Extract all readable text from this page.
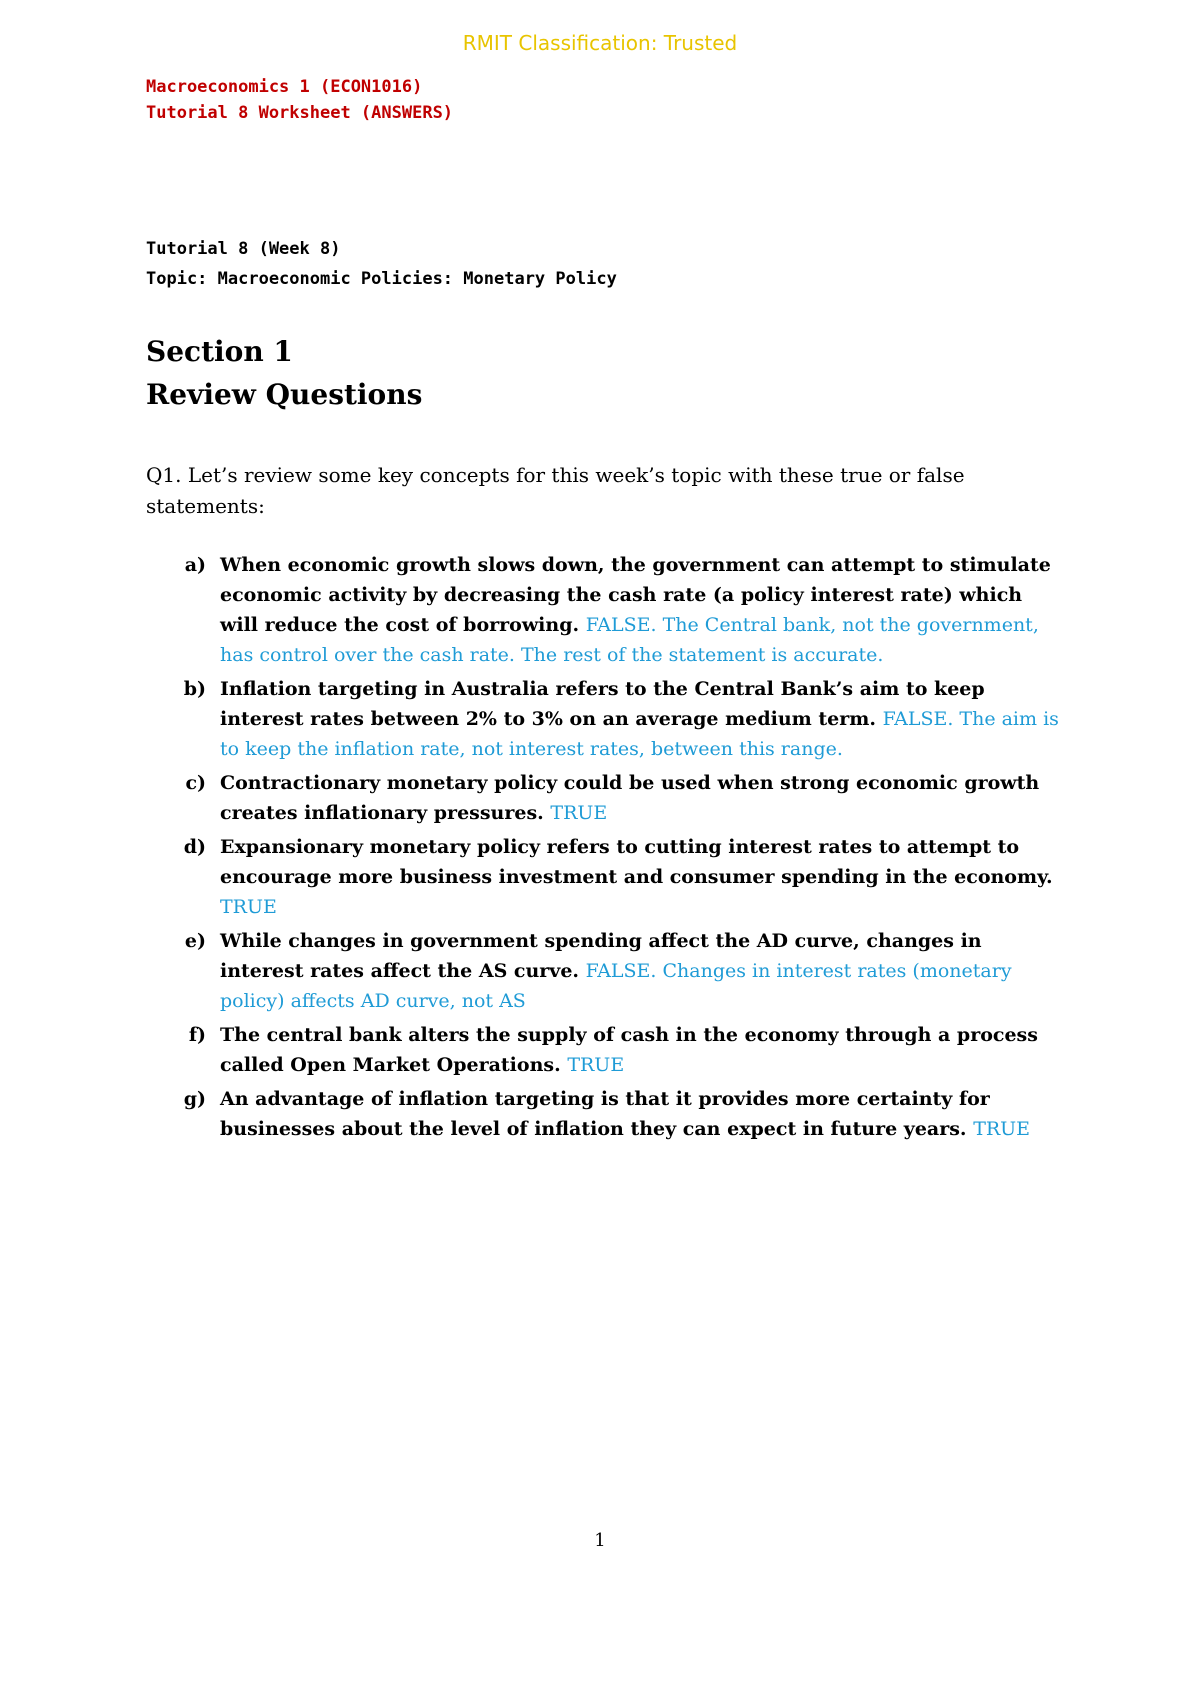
RMIT Classification: Trusted
Macroeconomics 1 (ECON1016)
Tutorial 8 Worksheet (ANSWERS)
Tutorial 8 (Week 8)
Topic: Macroeconomic Policies: Monetary Policy
Section 1
Review Questions
Q1. Let’s review some key concepts for this week’s topic with these true or false statements:
a) When economic growth slows down, the government can attempt to stimulate economic activity by decreasing the cash rate (a policy interest rate) which will reduce the cost of borrowing. FALSE. The Central bank, not the government, has control over the cash rate. The rest of the statement is accurate.
b) Inflation targeting in Australia refers to the Central Bank’s aim to keep interest rates between 2% to 3% on an average medium term. FALSE. The aim is to keep the inflation rate, not interest rates, between this range.
c) Contractionary monetary policy could be used when strong economic growth creates inflationary pressures. TRUE
d) Expansionary monetary policy refers to cutting interest rates to attempt to encourage more business investment and consumer spending in the economy. TRUE
e) While changes in government spending affect the AD curve, changes in interest rates affect the AS curve. FALSE. Changes in interest rates (monetary policy) affects AD curve, not AS
f) The central bank alters the supply of cash in the economy through a process called Open Market Operations. TRUE
g) An advantage of inflation targeting is that it provides more certainty for businesses about the level of inflation they can expect in future years. TRUE
1
